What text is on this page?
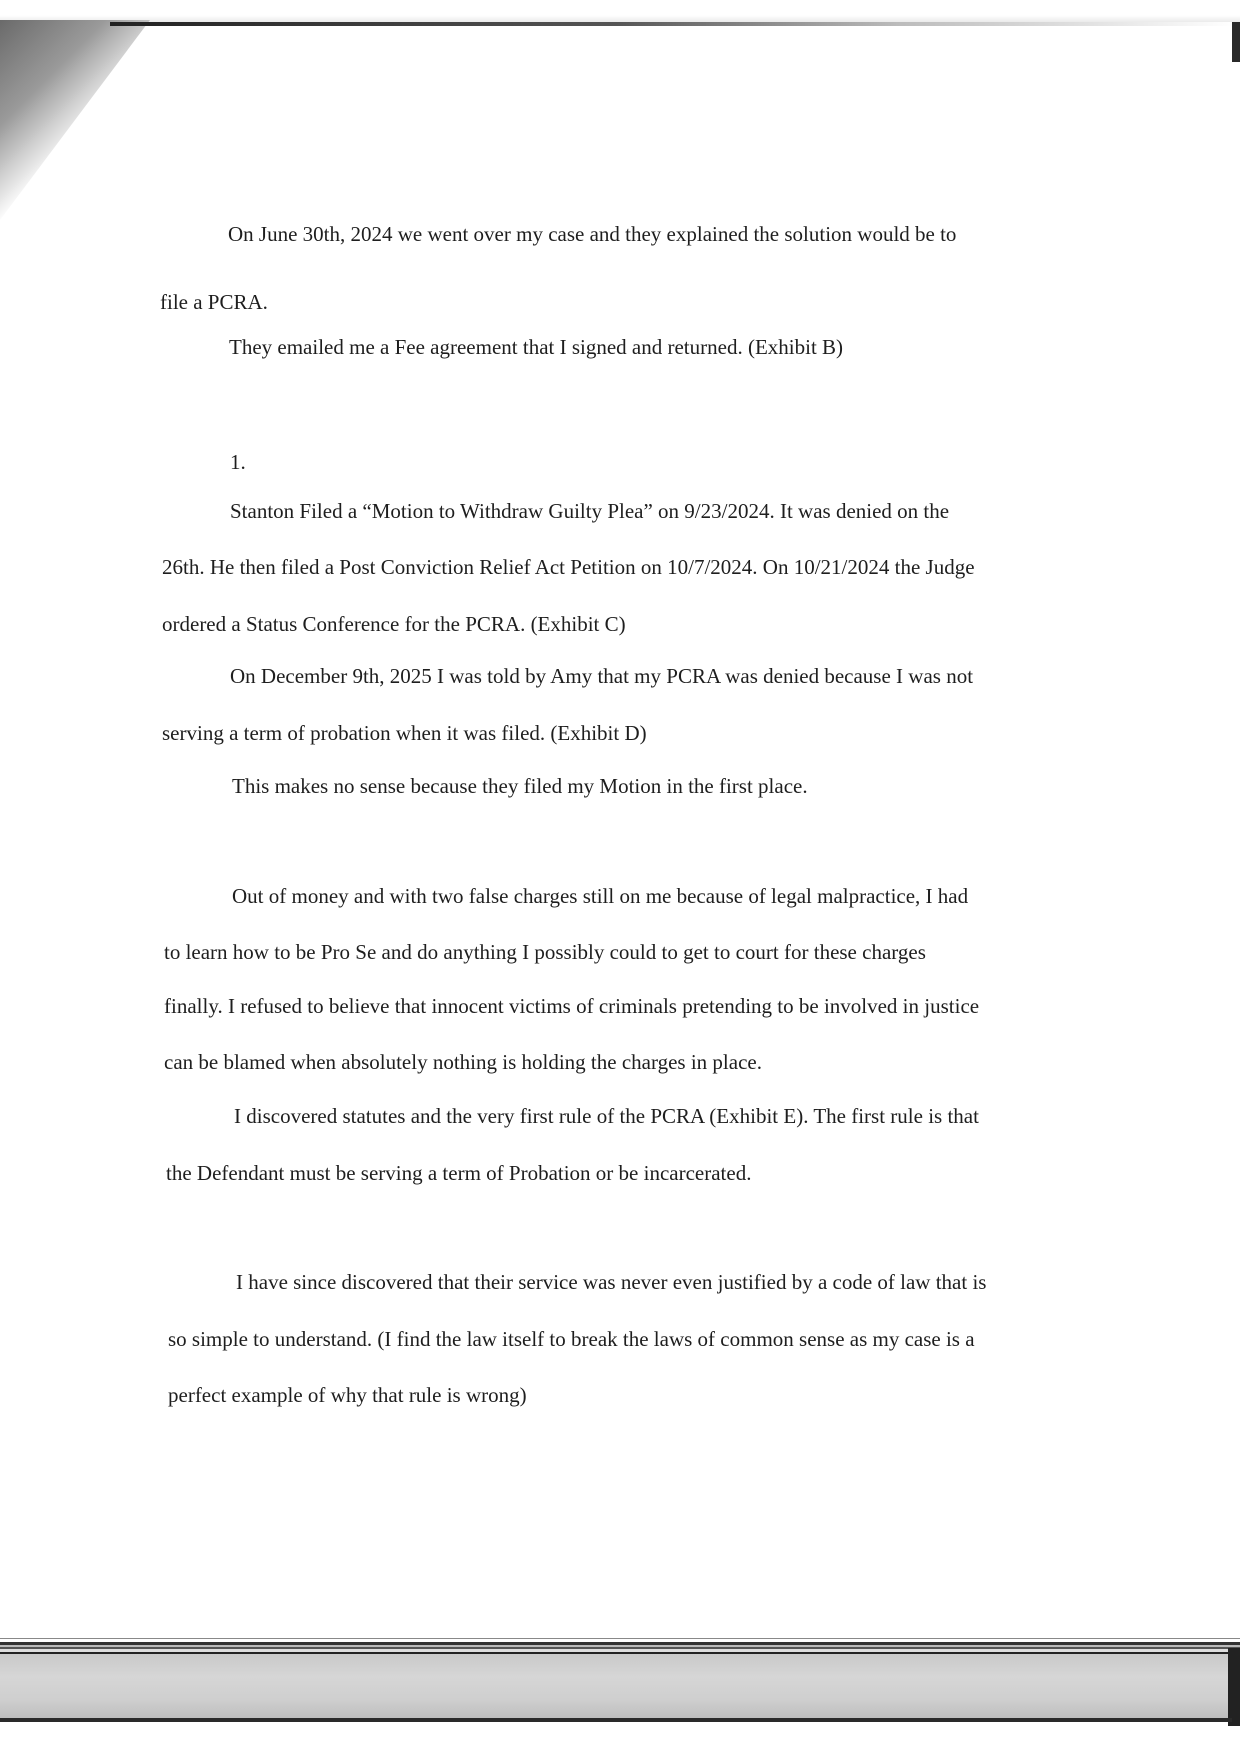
On June 30th, 2024 we went over my case and they explained the solution would be to

file a PCRA.

They emailed me a Fee agreement that I signed and returned. (Exhibit B)

1.

Stanton Filed a “Motion to Withdraw Guilty Plea” on 9/23/2024. It was denied on the

26th. He then filed a Post Conviction Relief Act Petition on 10/7/2024. On 10/21/2024 the Judge

ordered a Status Conference for the PCRA. (Exhibit C)

On December 9th, 2025 I was told by Amy that my PCRA was denied because I was not

serving a term of probation when it was filed. (Exhibit D)

This makes no sense because they filed my Motion in the first place.

Out of money and with two false charges still on me because of legal malpractice, I had

to learn how to be Pro Se and do anything I possibly could to get to court for these charges

finally. I refused to believe that innocent victims of criminals pretending to be involved in justice

can be blamed when absolutely nothing is holding the charges in place.

I discovered statutes and the very first rule of the PCRA (Exhibit E). The first rule is that

the Defendant must be serving a term of Probation or be incarcerated.

I have since discovered that their service was never even justified by a code of law that is

so simple to understand. (I find the law itself to break the laws of common sense as my case is a

perfect example of why that rule is wrong)
